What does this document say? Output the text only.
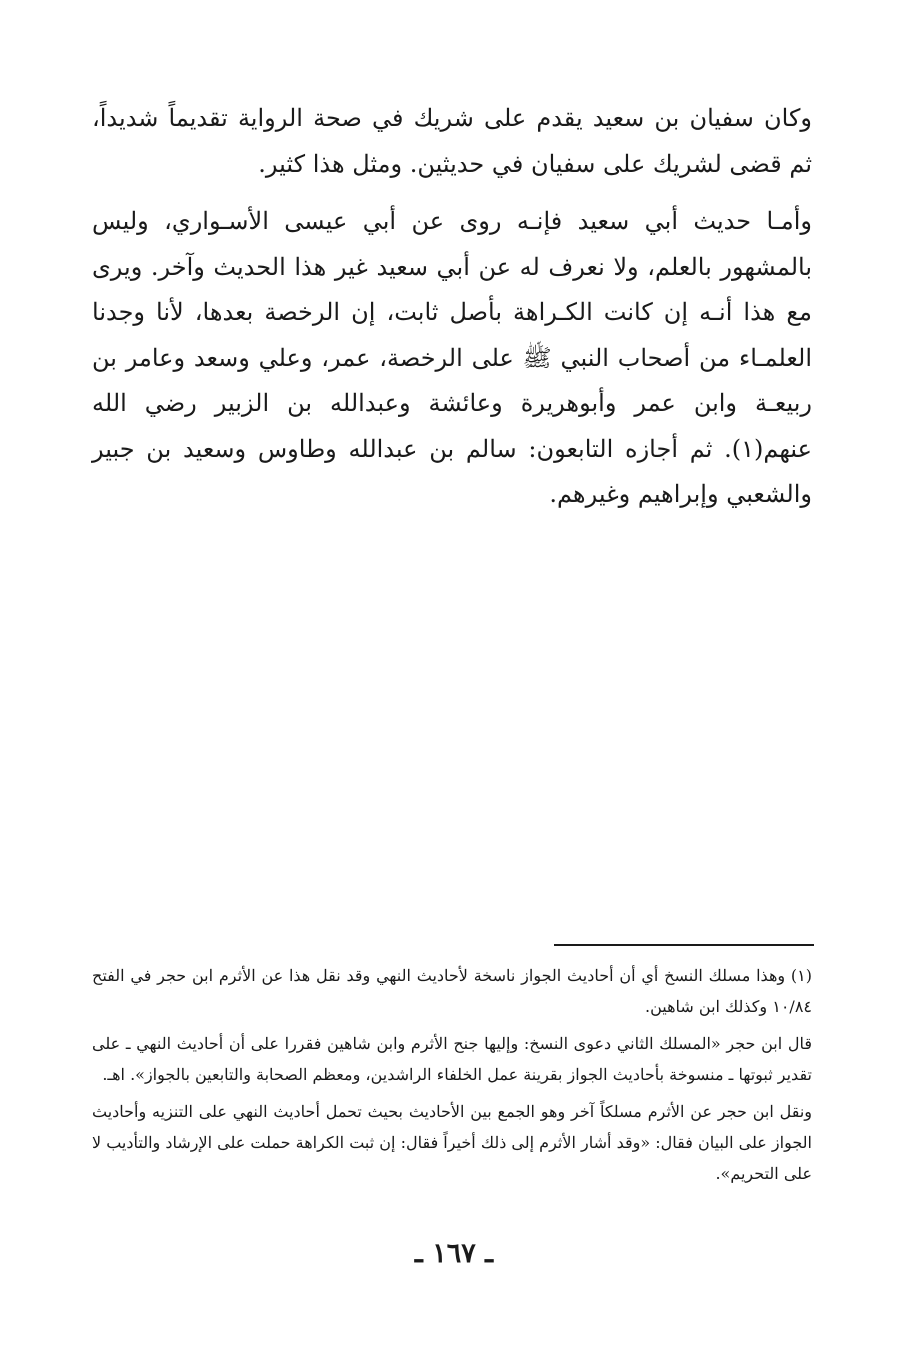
وكان سفيان بن سعيد يقدم على شريك في صحة الرواية تقديماً شديداً، ثم قضى لشريك على سفيان في حديثين. ومثل هذا كثير.

وأمـا حديث أبي سعيد فإنـه روى عن أبي عيسى الأسـواري، وليس بالمشهور بالعلم، ولا نعرف له عن أبي سعيد غير هذا الحديث وآخر. ويرى مع هذا أنـه إن كانت الكـراهة بأصل ثابت، إن الرخصة بعدها، لأنا وجدنا العلمـاء من أصحاب النبي ﷺ على الرخصة، عمر، وعلي وسعد وعامر بن ربيعـة وابن عمر وأبوهريرة وعائشة وعبدالله بن الزبير رضي الله عنهم(١). ثم أجازه التابعون: سالم بن عبدالله وطاوس وسعيد بن جبير والشعبي وإبراهيم وغيرهم.

(١) وهذا مسلك النسخ أي أن أحاديث الجواز ناسخة لأحاديث النهي وقد نقل هذا عن الأثرم ابن حجر في الفتح ١٠/٨٤ وكذلك ابن شاهين.

قال ابن حجر «المسلك الثاني دعوى النسخ: وإليها جنح الأثرم وابن شاهين فقررا على أن أحاديث النهي ـ على تقدير ثبوتها ـ منسوخة بأحاديث الجواز بقرينة عمل الخلفاء الراشدين، ومعظم الصحابة والتابعين بالجواز». اهـ.

ونقل ابن حجر عن الأثرم مسلكاً آخر وهو الجمع بين الأحاديث بحيث تحمل أحاديث النهي على التنزيه وأحاديث الجواز على البيان فقال: «وقد أشار الأثرم إلى ذلك أخيراً فقال: إن ثبت الكراهة حملت على الإرشاد والتأديب لا على التحريم».

ـ ١٦٧ ـ
